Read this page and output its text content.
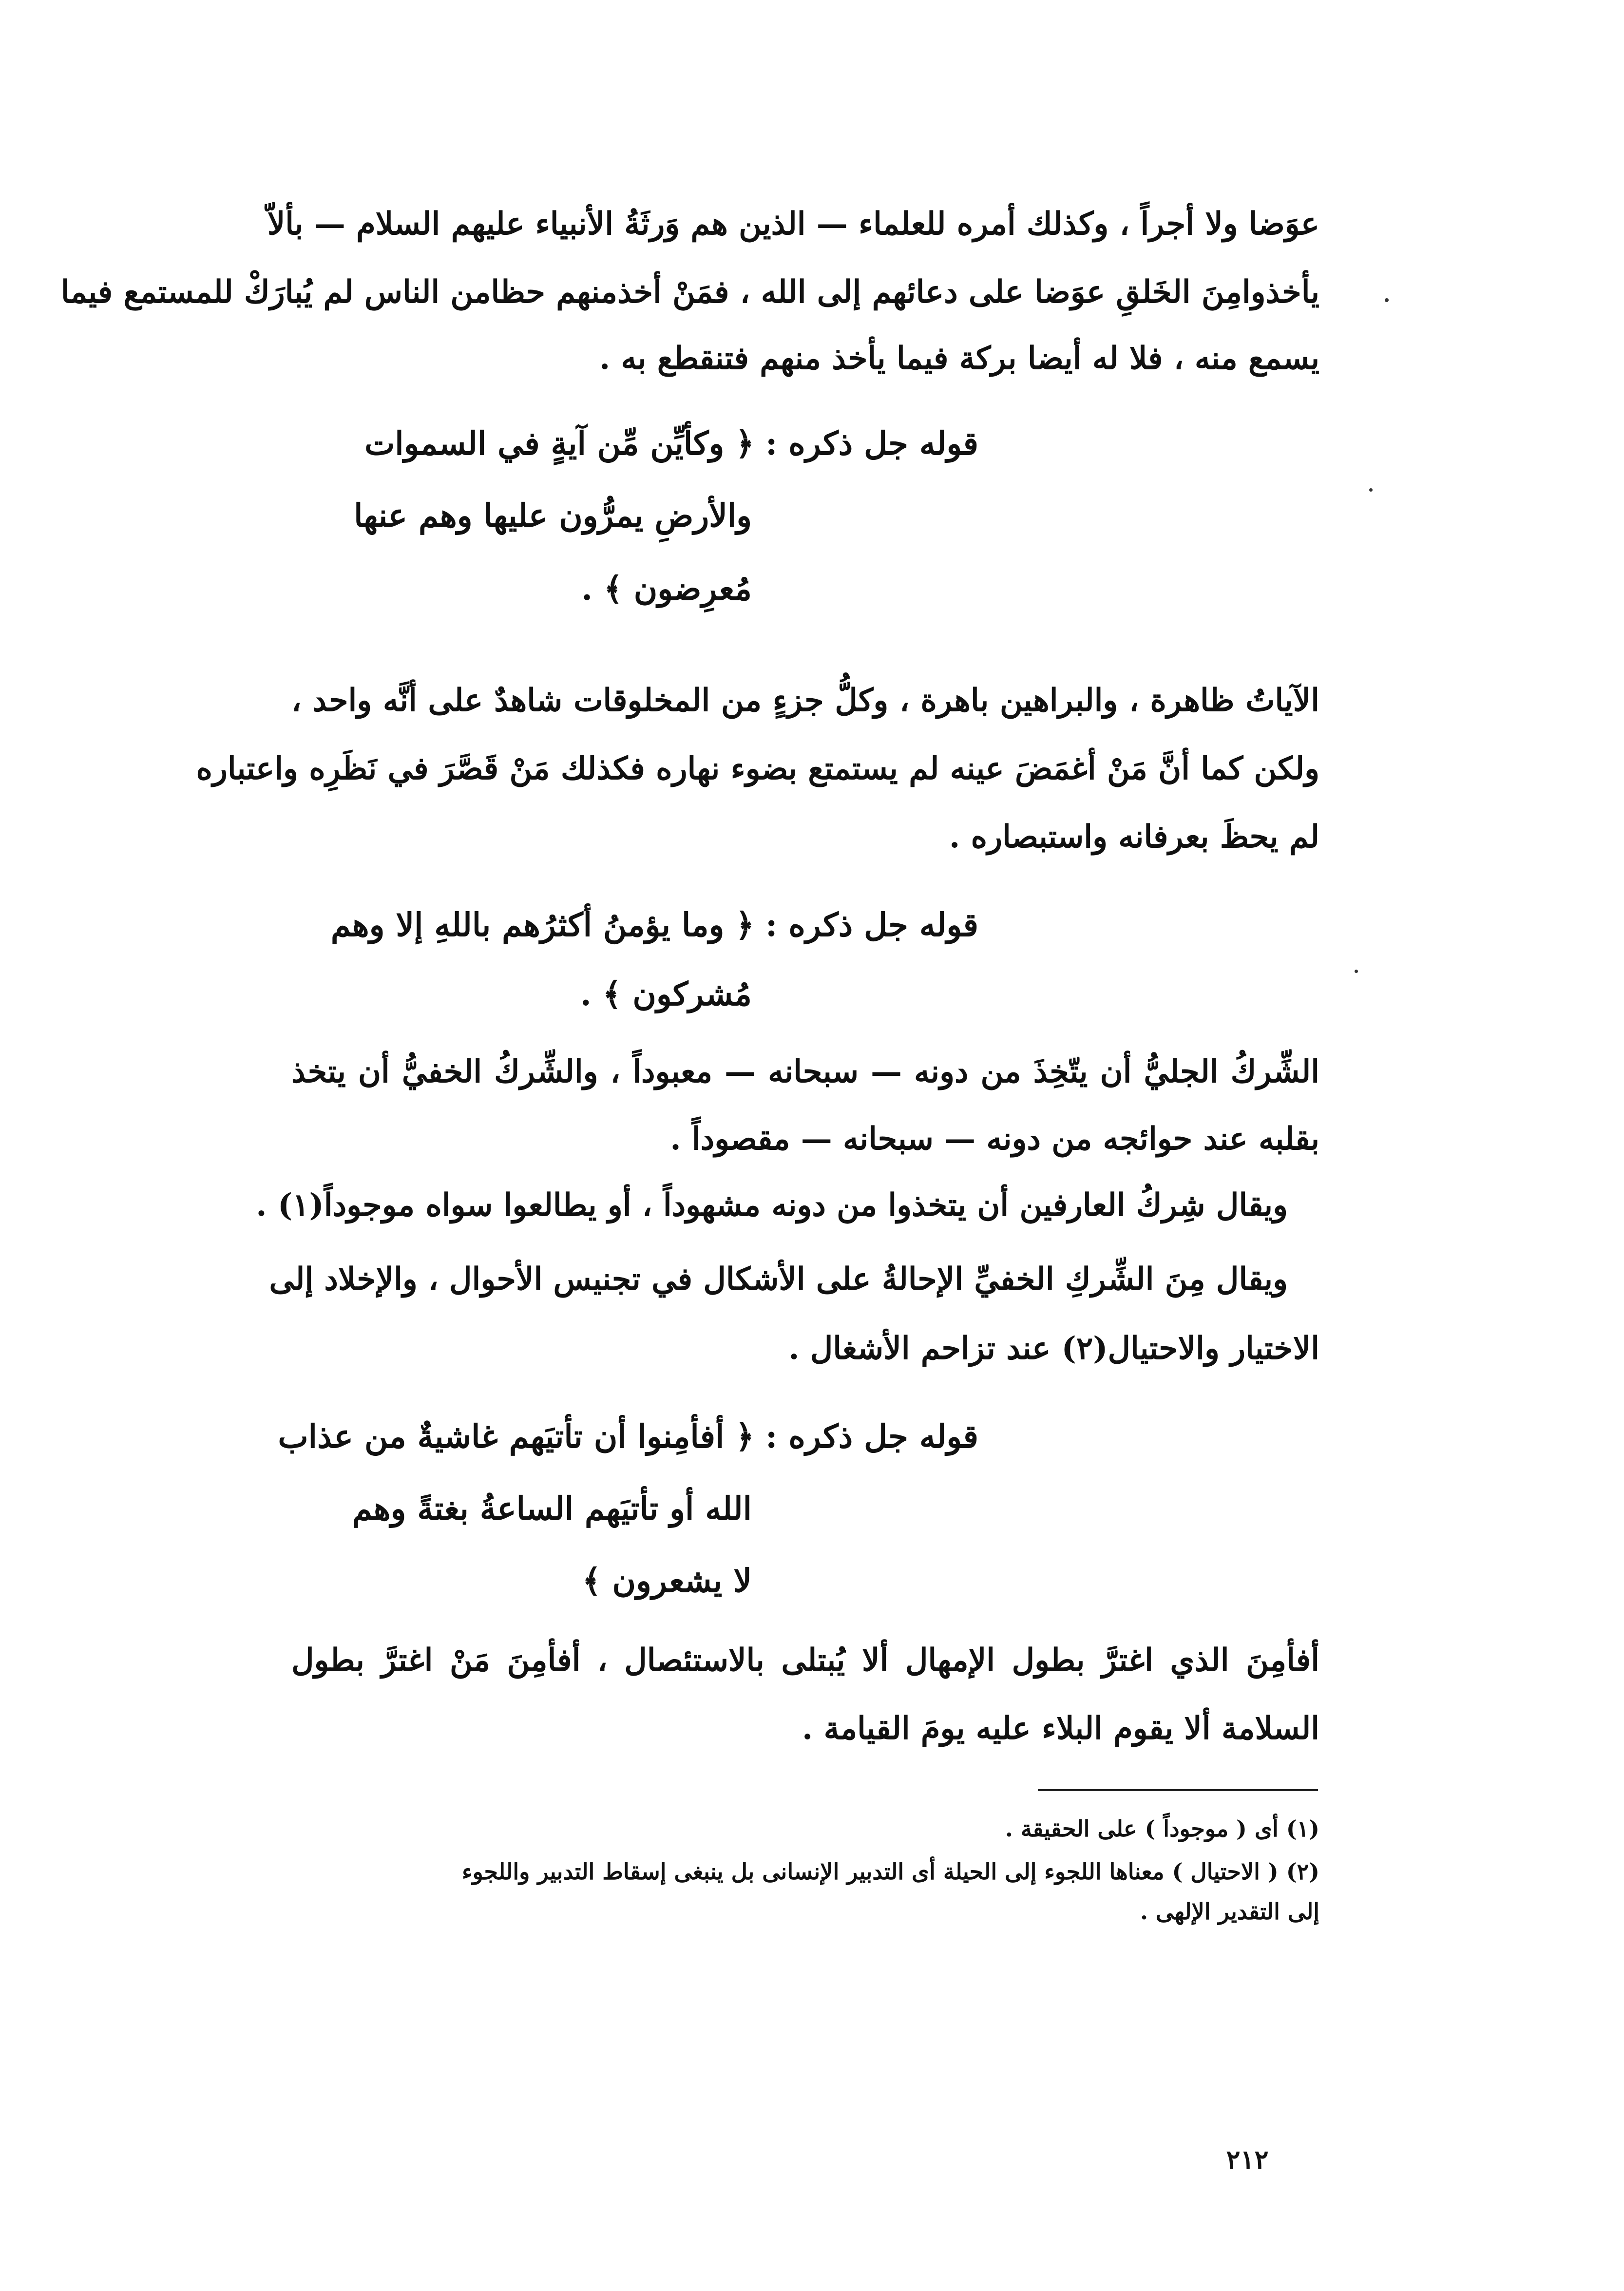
عوَضا ولا أجراً ، وكذلك أمره للعلماء — الذين هم وَرثَةُ الأنبياء عليهم السلام — بألاّ
يأخذوامِنَ الخَلقِ عوَضا على دعائهم إلى الله ، فمَنْ أخذمنهم حظامن الناس لم يُبارَكْ للمستمع فيما
يسمع منه ، فلا له أيضا بركة فيما يأخذ منهم فتنقطع به .
قوله جل ذكره : ﴿ وكأيِّن مِّن آيةٍ في السموات
والأرضِ يمرُّون عليها وهم عنها
مُعرِضون ﴾ .
الآياتُ ظاهرة ، والبراهين باهرة ، وكلُّ جزءٍ من المخلوقات شاهدٌ على أنَّه واحد ،
ولكن كما أنَّ مَنْ أغمَضَ عينه لم يستمتع بضوء نهاره فكذلك مَنْ قَصَّرَ في نَظَرِه واعتباره
لم يحظَ بعرفانه واستبصاره .
قوله جل ذكره : ﴿ وما يؤمنُ أكثرُهم باللهِ إلا وهم
مُشركون ﴾ .
الشِّركُ الجليُّ أن يتّخِذَ من دونه — سبحانه — معبوداً ، والشِّركُ الخفيُّ أن يتخذ
بقلبه عند حوائجه من دونه — سبحانه — مقصوداً .
ويقال شِركُ العارفين أن يتخذوا من دونه مشهوداً ، أو يطالعوا سواه موجوداً(١) .
ويقال مِنَ الشِّركِ الخفيِّ الإحالةُ على الأشكال في تجنيس الأحوال ، والإخلاد إلى
الاختيار والاحتيال(٢) عند تزاحم الأشغال .
قوله جل ذكره : ﴿ أفأمِنوا أن تأتيَهم غاشيةٌ من عذاب
الله أو تأتيَهم الساعةُ بغتةً وهم
لا يشعرون ﴾
أفأمِنَ الذي اغترَّ بطول الإمهال ألا يُبتلى بالاستئصال ، أفأمِنَ مَنْ اغترَّ بطول
السلامة ألا يقوم البلاء عليه يومَ القيامة .
(١) أى ( موجوداً ) على الحقيقة .
(٢) ( الاحتيال ) معناها اللجوء إلى الحيلة أى التدبير الإنسانى بل ينبغى إسقاط التدبير واللجوء
إلى التقدير الإلهى .
٢١٢
